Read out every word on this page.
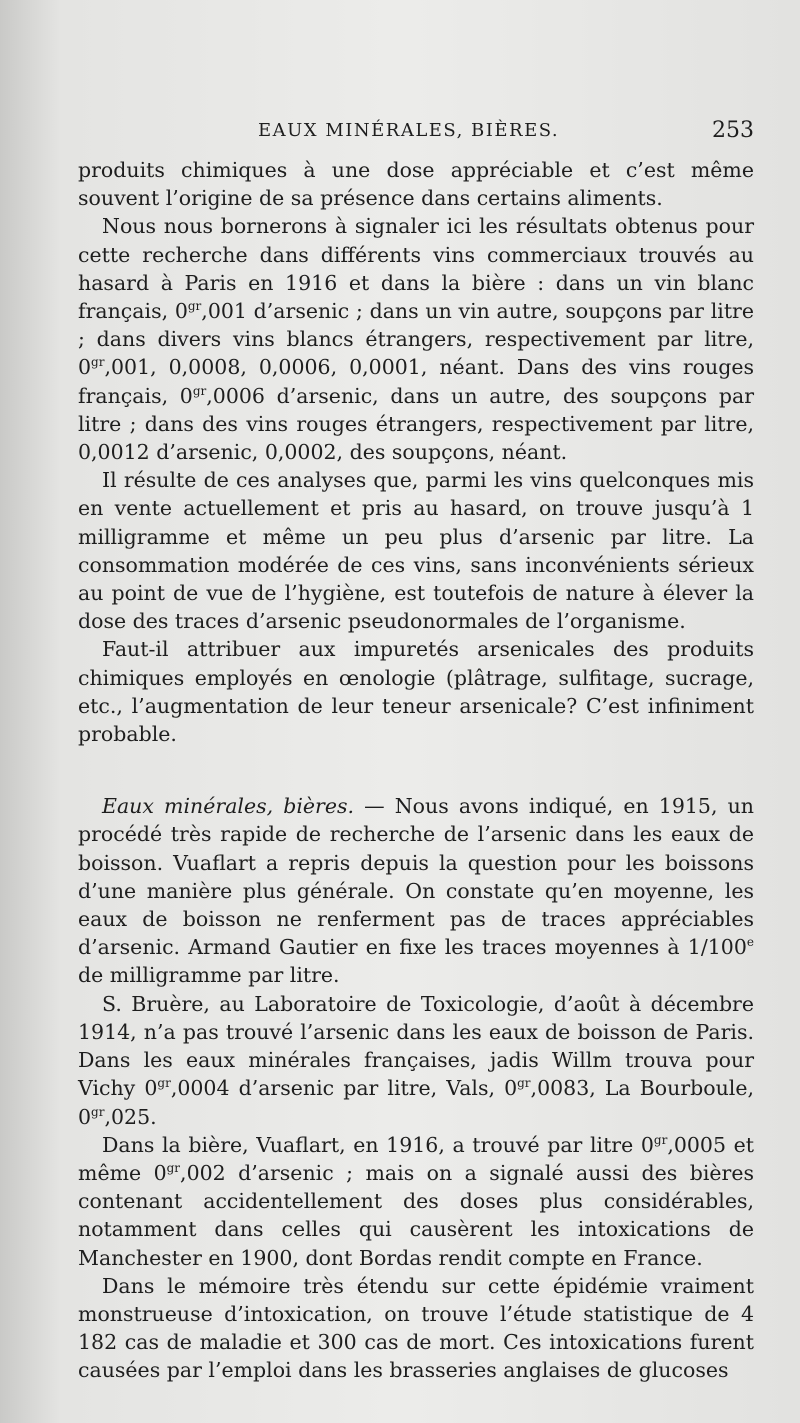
EAUX MINÉRALES, BIÈRES.	253

produits chimiques à une dose appréciable et c’est même souvent l’origine de sa présence dans certains aliments.

Nous nous bornerons à signaler ici les résultats obtenus pour cette recherche dans différents vins commerciaux trouvés au hasard à Paris en 1916 et dans la bière : dans un vin blanc français, $0^{gr},001$ d’arsenic ; dans un vin autre, soupçons par litre ; dans divers vins blancs étrangers, respectivement par litre, $0^{gr},001$, 0,0008, 0,0006, 0,0001, néant. Dans des vins rouges français, $0^{gr},0006$ d’arsenic, dans un autre, des soupçons par litre ; dans des vins rouges étrangers, respectivement par litre, 0,0012 d’arsenic, 0,0002, des soupçons, néant.

Il résulte de ces analyses que, parmi les vins quelconques mis en vente actuellement et pris au hasard, on trouve jusqu’à 1 milligramme et même un peu plus d’arsenic par litre. La consommation modérée de ces vins, sans inconvénients sérieux au point de vue de l’hygiène, est toutefois de nature à élever la dose des traces d’arsenic pseudonormales de l’organisme.

Faut-il attribuer aux impuretés arsenicales des produits chimiques employés en œnologie (plâtrage, sulfitage, sucrage, etc., l’augmentation de leur teneur arsenicale? C’est infiniment probable.

Eaux minérales, bières. — Nous avons indiqué, en 1915, un procédé très rapide de recherche de l’arsenic dans les eaux de boisson. Vuaflart a repris depuis la question pour les boissons d’une manière plus générale. On constate qu’en moyenne, les eaux de boisson ne renferment pas de traces appréciables d’arsenic. Armand Gautier en fixe les traces moyennes à 1/100e de milligramme par litre.

S. Bruère, au Laboratoire de Toxicologie, d’août à décembre 1914, n’a pas trouvé l’arsenic dans les eaux de boisson de Paris. Dans les eaux minérales françaises, jadis Willm trouva pour Vichy $0^{gr},0004$ d’arsenic par litre, Vals, $0^{gr},0083$, La Bourboule, $0^{gr},025$.

Dans la bière, Vuaflart, en 1916, a trouvé par litre $0^{gr},0005$ et même $0^{gr},002$ d’arsenic ; mais on a signalé aussi des bières contenant accidentellement des doses plus considérables, notamment dans celles qui causèrent les intoxications de Manchester en 1900, dont Bordas rendit compte en France.

Dans le mémoire très étendu sur cette épidémie vraiment monstrueuse d’intoxication, on trouve l’étude statistique de 4 182 cas de maladie et 300 cas de mort. Ces intoxications furent causées par l’emploi dans les brasseries anglaises de glucoses
